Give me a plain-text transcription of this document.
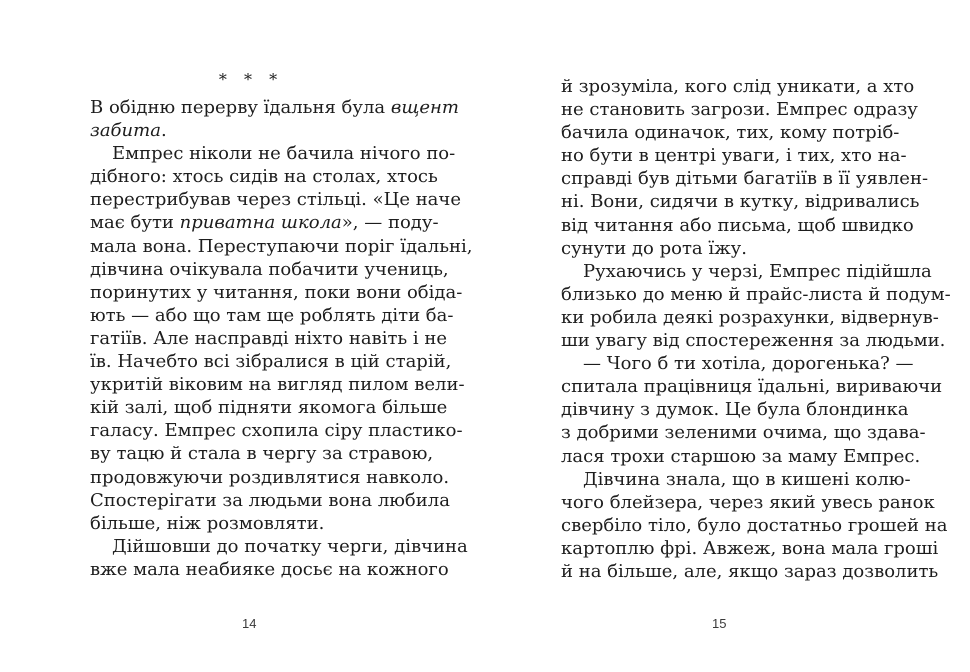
* * *
В обідню перерву їдальня була вщент
забита.
Емпрес ніколи не бачила нічого по-
дібного: хтось сидів на столах, хтось
перестрибував через стільці. «Це наче
має бути приватна школа», — поду-
мала вона. Переступаючи поріг їдальні,
дівчина очікувала побачити учениць,
поринутих у читання, поки вони обіда-
ють — або що там ще роблять діти ба-
гатіїв. Але насправді ніхто навіть і не
їв. Начебто всі зібралися в цій старій,
укритій віковим на вигляд пилом вели-
кій залі, щоб підняти якомога більше
галасу. Емпрес схопила сіру пластико-
ву тацю й стала в чергу за стравою,
продовжуючи роздивлятися навколо.
Спостерігати за людьми вона любила
більше, ніж розмовляти.
Дійшовши до початку черги, дівчина
вже мала неабияке досьє на кожного
14
й зрозуміла, кого слід уникати, а хто
не становить загрози. Емпрес одразу
бачила одиначок, тих, кому потріб-
но бути в центрі уваги, і тих, хто на-
справді був дітьми багатіїв в її уявлен-
ні. Вони, сидячи в кутку, відривались
від читання або письма, щоб швидко
сунути до рота їжу.
Рухаючись у черзі, Емпрес підійшла
близько до меню й прайс-листа й подум-
ки робила деякі розрахунки, відвернув-
ши увагу від спостереження за людьми.
— Чого б ти хотіла, дорогенька? —
спитала працівниця їдальні, вириваючи
дівчину з думок. Це була блондинка
з добрими зеленими очима, що здава-
лася трохи старшою за маму Емпрес.
Дівчина знала, що в кишені колю-
чого блейзера, через який увесь ранок
свербіло тіло, було достатньо грошей на
картоплю фрі. Авжеж, вона мала гроші
й на більше, але, якщо зараз дозволить
15
